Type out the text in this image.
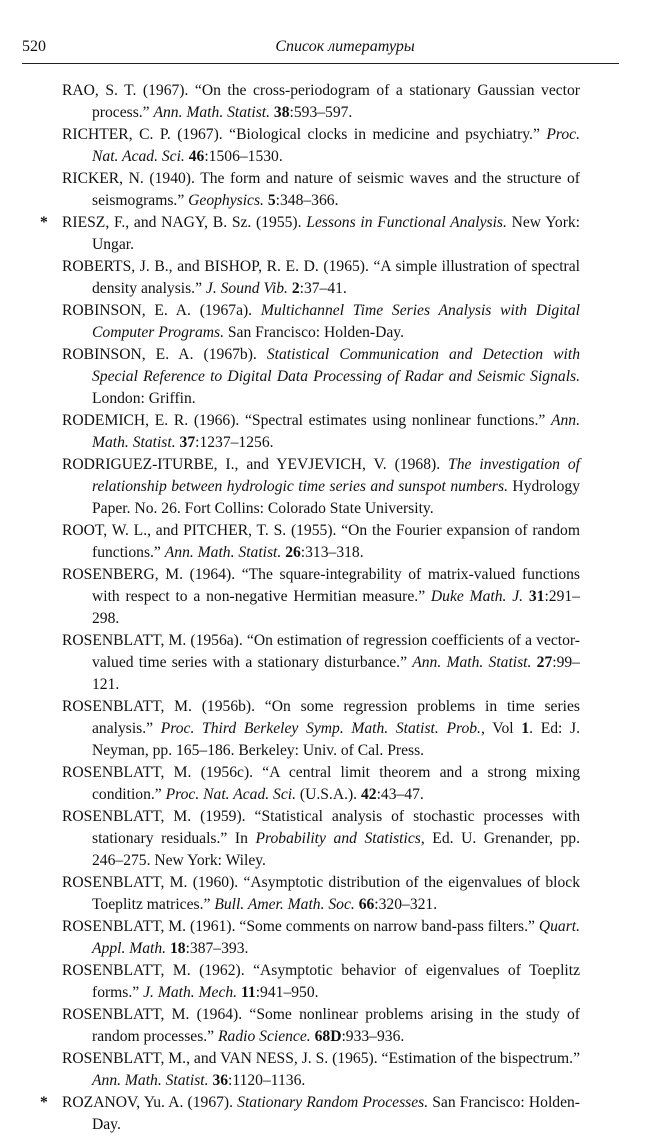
520	Список литературы
RAO, S. T. (1967). “On the cross-periodogram of a stationary Gaussian vector process.” Ann. Math. Statist. 38:593–597.
RICHTER, C. P. (1967). “Biological clocks in medicine and psychiatry.” Proc. Nat. Acad. Sci. 46:1506–1530.
RICKER, N. (1940). The form and nature of seismic waves and the structure of seismograms.” Geophysics. 5:348–366.
* RIESZ, F., and NAGY, B. Sz. (1955). Lessons in Functional Analysis. New York: Ungar.
ROBERTS, J. B., and BISHOP, R. E. D. (1965). “A simple illustration of spectral density analysis.” J. Sound Vib. 2:37–41.
ROBINSON, E. A. (1967a). Multichannel Time Series Analysis with Digital Computer Programs. San Francisco: Holden-Day.
ROBINSON, E. A. (1967b). Statistical Communication and Detection with Special Reference to Digital Data Processing of Radar and Seismic Signals. London: Griffin.
RODEMICH, E. R. (1966). “Spectral estimates using nonlinear functions.” Ann. Math. Statist. 37:1237–1256.
RODRIGUEZ-ITURBE, I., and YEVJEVICH, V. (1968). The investigation of relationship between hydrologic time series and sunspot numbers. Hydrology Paper. No. 26. Fort Collins: Colorado State University.
ROOT, W. L., and PITCHER, T. S. (1955). “On the Fourier expansion of random functions.” Ann. Math. Statist. 26:313–318.
ROSENBERG, M. (1964). “The square-integrability of matrix-valued functions with respect to a non-negative Hermitian measure.” Duke Math. J. 31:291–298.
ROSENBLATT, M. (1956a). “On estimation of regression coefficients of a vector-valued time series with a stationary disturbance.” Ann. Math. Statist. 27:99–121.
ROSENBLATT, M. (1956b). “On some regression problems in time series analysis.” Proc. Third Berkeley Symp. Math. Statist. Prob., Vol 1. Ed: J. Neyman, pp. 165–186. Berkeley: Univ. of Cal. Press.
ROSENBLATT, M. (1956c). “A central limit theorem and a strong mixing condition.” Proc. Nat. Acad. Sci. (U.S.A.). 42:43–47.
ROSENBLATT, M. (1959). “Statistical analysis of stochastic processes with stationary residuals.” In Probability and Statistics, Ed. U. Grenander, pp. 246–275. New York: Wiley.
ROSENBLATT, M. (1960). “Asymptotic distribution of the eigenvalues of block Toeplitz matrices.” Bull. Amer. Math. Soc. 66:320–321.
ROSENBLATT, M. (1961). “Some comments on narrow band-pass filters.” Quart. Appl. Math. 18:387–393.
ROSENBLATT, M. (1962). “Asymptotic behavior of eigenvalues of Toeplitz forms.” J. Math. Mech. 11:941–950.
ROSENBLATT, M. (1964). “Some nonlinear problems arising in the study of random processes.” Radio Science. 68D:933–936.
ROSENBLATT, M., and VAN NESS, J. S. (1965). “Estimation of the bispectrum.” Ann. Math. Statist. 36:1120–1136.
* ROZANOV, Yu. A. (1967). Stationary Random Processes. San Francisco: Holden-Day.
